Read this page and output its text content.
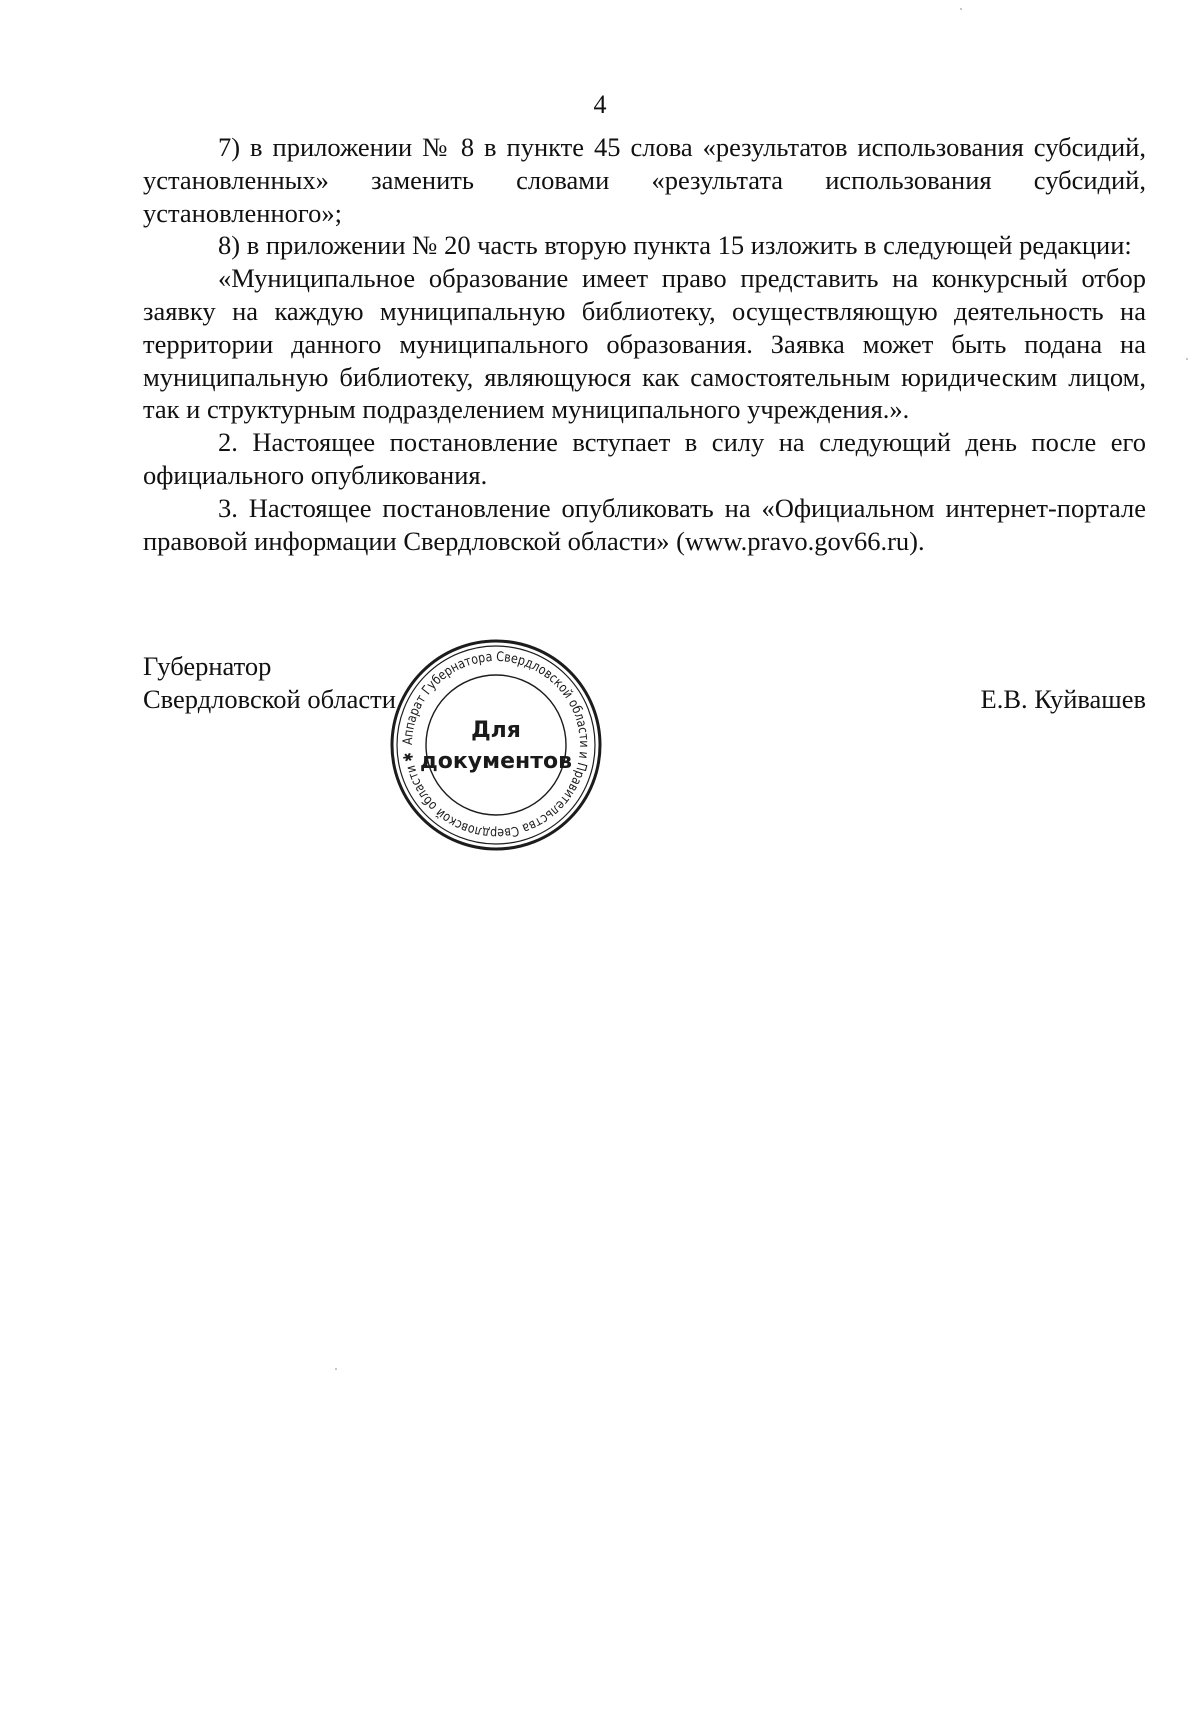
4

7) в приложении № 8 в пункте 45 слова «результатов использования субсидий, установленных» заменить словами «результата использования субсидий, установленного»;

8) в приложении № 20 часть вторую пункта 15 изложить в следующей редакции:

«Муниципальное образование имеет право представить на конкурсный отбор заявку на каждую муниципальную библиотеку, осуществляющую деятельность на территории данного муниципального образования. Заявка может быть подана на муниципальную библиотеку, являющуюся как самостоятельным юридическим лицом, так и структурным подразделением муниципального учреждения.».

2. Настоящее постановление вступает в силу на следующий день после его официального опубликования.

3. Настоящее постановление опубликовать на «Официальном интернет-портале правовой информации Свердловской области» (www.pravo.gov66.ru).

Губернатор
Свердловской области	Е.В. Куйвашев
Аппарат Губернатора Свердловской области и Правительства Свердловской области ✱
Для
документов
